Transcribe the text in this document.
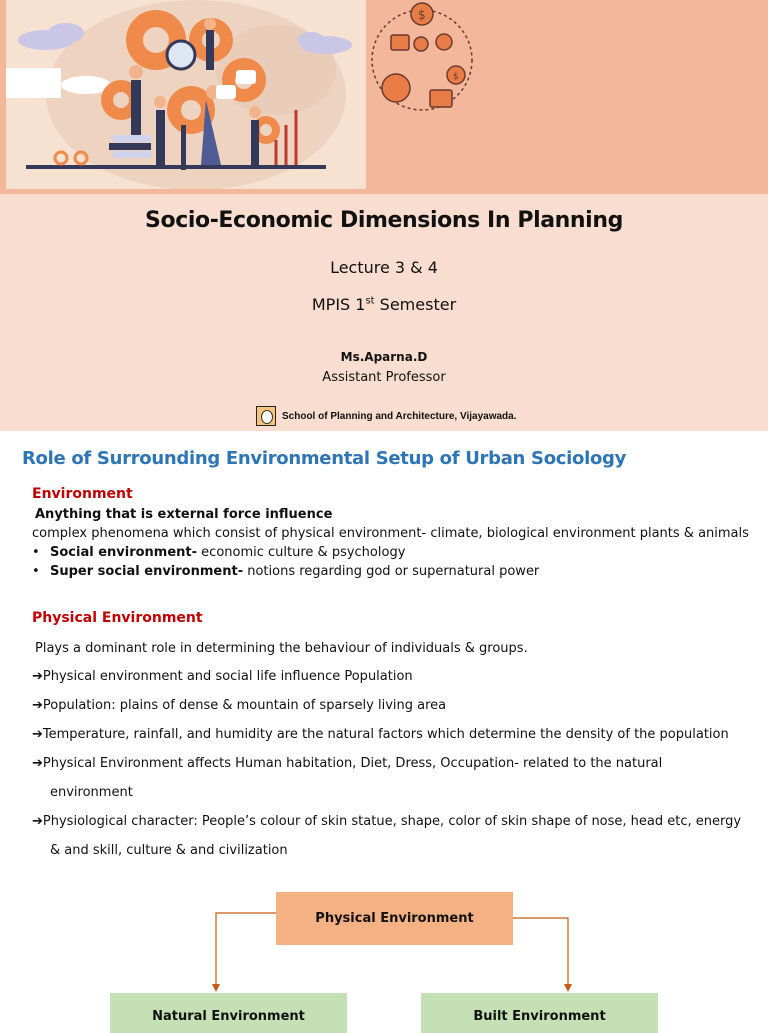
$
$
Socio-Economic Dimensions In Planning
Lecture 3 & 4
MPIS 1st Semester
Ms.Aparna.D
Assistant Professor
School of Planning and Architecture, Vijayawada.
Role of Surrounding Environmental Setup of Urban Sociology
Environment
Anything that is external force influence
complex phenomena which consist of physical environment- climate, biological environment plants & animals
• Social environment- economic culture & psychology
• Super social environment- notions regarding god or supernatural power
Physical Environment
Plays a dominant role in determining the behaviour of individuals & groups.
➔Physical environment and social life influence Population
➔Population: plains of dense & mountain of sparsely living area
➔Temperature, rainfall, and humidity are the natural factors which determine the density of the population
➔Physical Environment affects Human habitation, Diet, Dress, Occupation- related to the natural
environment
➔Physiological character: People’s colour of skin statue, shape, color of skin shape of nose, head etc, energy
& and skill, culture & and civilization
Physical Environment
Natural Environment	Built Environment
